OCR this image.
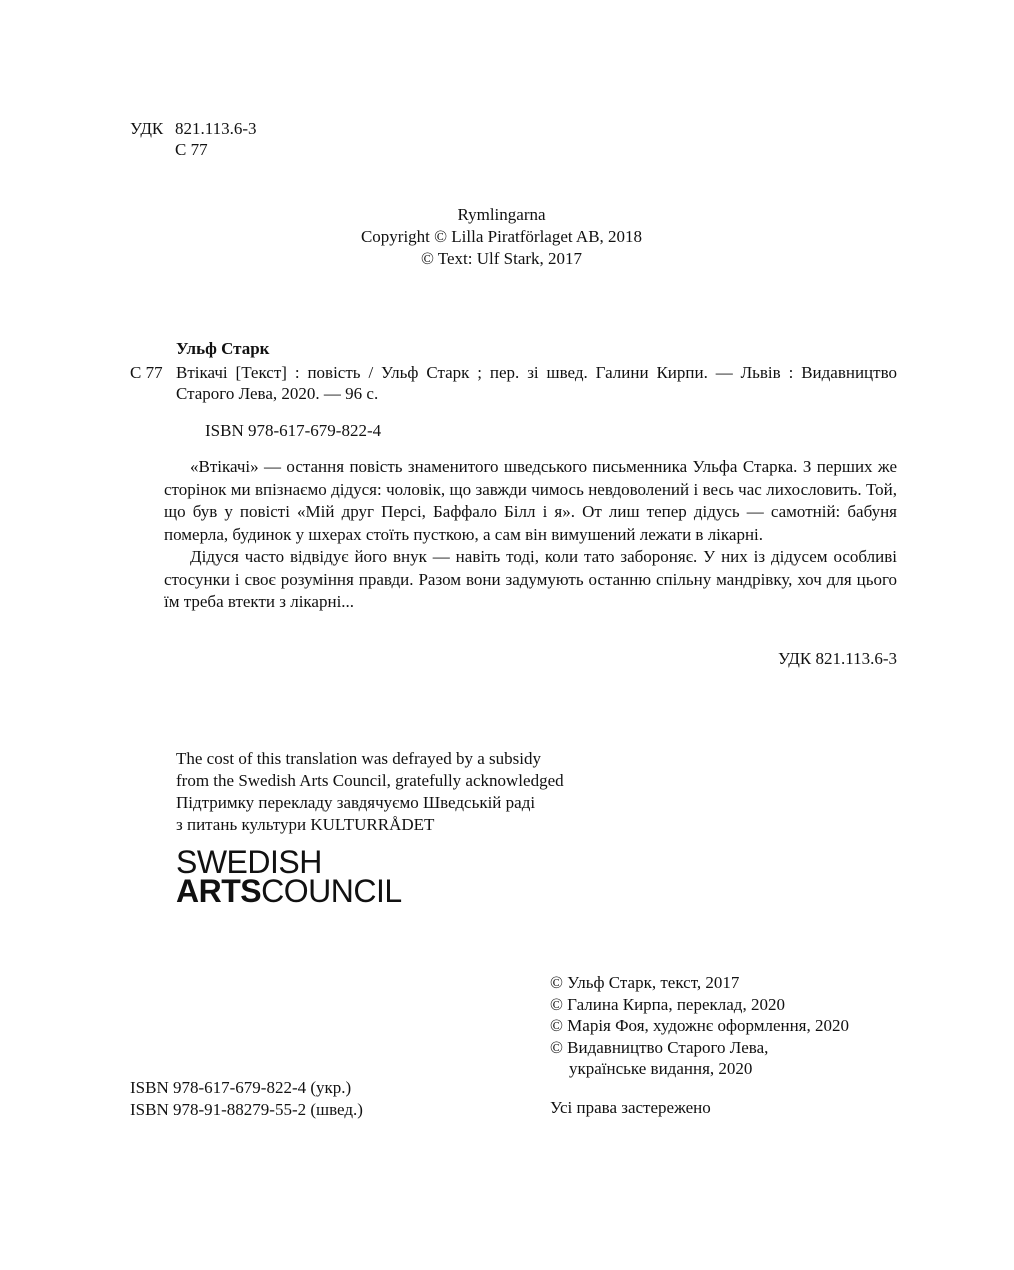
УДК 821.113.6-3
С 77
Rymlingarna
Copyright © Lilla Piratförlaget AB, 2018
© Text: Ulf Stark, 2017
Ульф Старк
С 77 Втікачі [Текст] : повість / Ульф Старк ; пер. зі швед. Галини Кирпи. — Львів : Видавництво Старого Лева, 2020. — 96 с.
ISBN 978-617-679-822-4

«Втікачі» — остання повість знаменитого шведського письменника Ульфа Старка. З перших же сторінок ми впізнаємо дідуся: чоловік, що завжди чимось невдоволений і весь час лихословить. Той, що був у повісті «Мій друг Персі, Баффало Білл і я». От лиш тепер дідусь — самотній: бабуня померла, будинок у шхерах стоїть пусткою, а сам він вимушений лежати в лікарні.

Дідуся часто відвідує його внук — навіть тоді, коли тато забороняє. У них із дідусем особливі стосунки і своє розуміння правди. Разом вони задумують останню спільну мандрівку, хоч для цього їм треба втекти з лікарні...

УДК 821.113.6-3
The cost of this translation was defrayed by a subsidy
from the Swedish Arts Council, gratefully acknowledged
Підтримку перекладу завдячуємо Шведській раді
з питань культури KULTURRÅDET
SWEDISH
ARTSCOUNCIL
© Ульф Старк, текст, 2017
© Галина Кирпа, переклад, 2020
© Марія Фоя, художнє оформлення, 2020
© Видавництво Старого Лева,
українське видання, 2020
ISBN 978-617-679-822-4 (укр.)
ISBN 978-91-88279-55-2 (швед.)	Усі права застережено
